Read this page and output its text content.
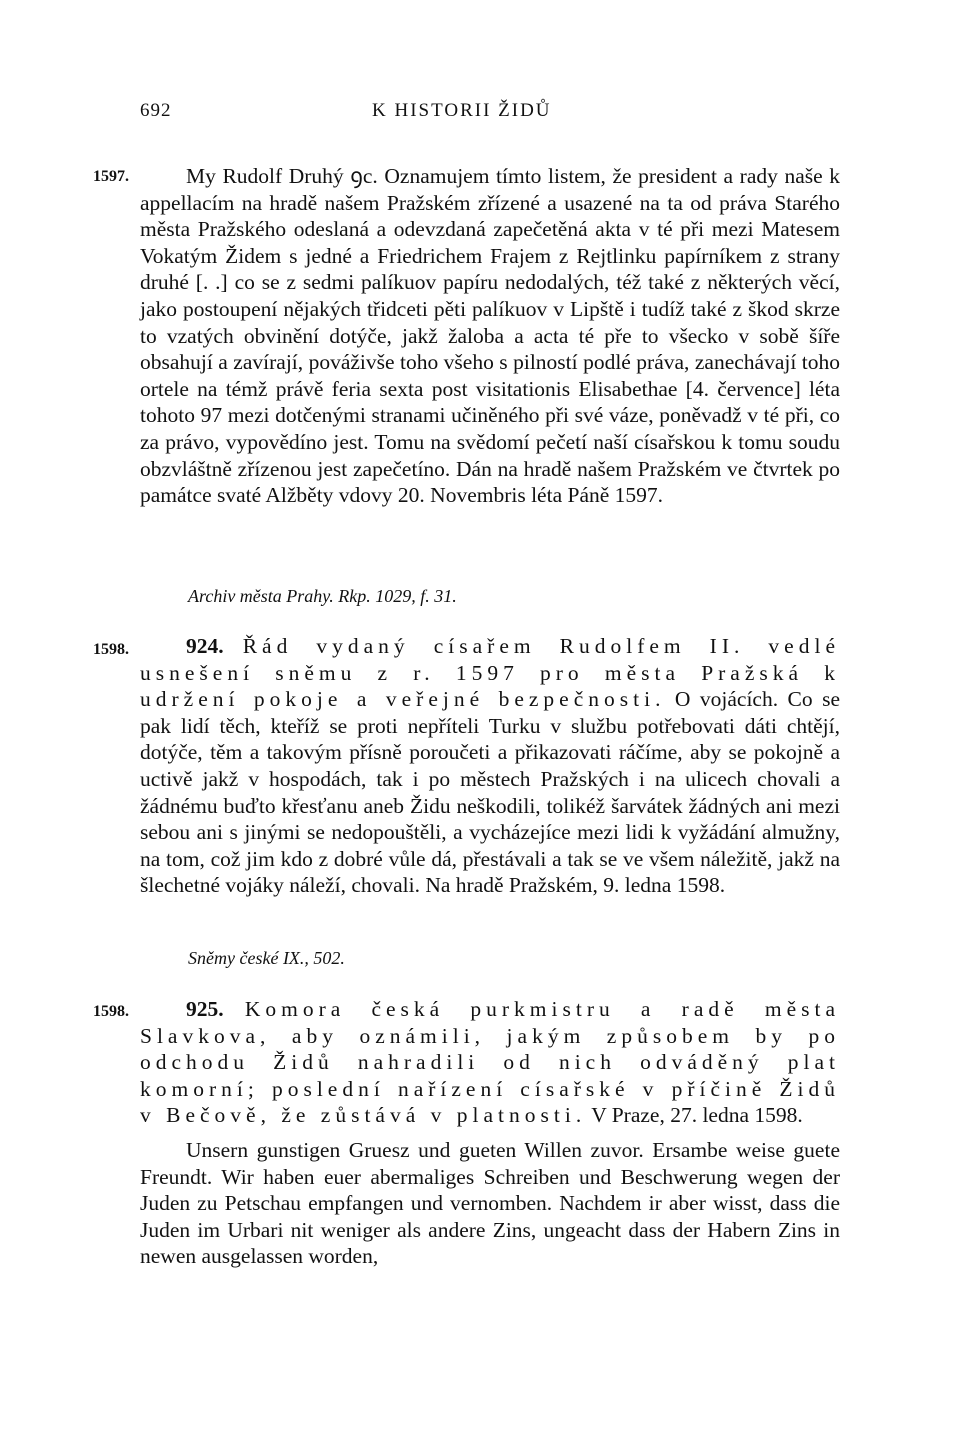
692	K HISTORII ŽIDŮ
1597.	My Rudolf Druhý ꝯc. Oznamujem tímto listem, že president a rady naše k appellacím na hradě našem Pražském zřízené a usazené na ta od práva Starého města Pražského odeslaná a odevzdaná zapečetěná akta v té při mezi Matesem Vokatým Židem s jedné a Friedrichem Frajem z Rejtlinku papírníkem z strany druhé [. .] co se z sedmi palíkuov papíru nedodalých, též také z některých věcí, jako postoupení nějakých třidceti pěti palíkuov v Lipště i tudíž také z škod skrze to vzatých obvinění dotýče, jakž žaloba a acta té pře to všecko v sobě šíře obsahují a zavírají, pováživše toho všeho s pilností podlé práva, zanechávají toho ortele na témž právě feria sexta post visitationis Elisabethae [4. července] léta tohoto 97 mezi dotčenými stranami učiněného při své váze, poněvadž v té při, co za právo, vypovědíno jest. Tomu na svědomí pečetí naší císařskou k tomu soudu obzvláštně zřízenou jest zapečetíno. Dán na hradě našem Pražském ve čtvrtek po památce svaté Alžběty vdovy 20. Novembris léta Páně 1597.

Archiv města Prahy. Rkp. 1029, f. 31.
1598.	924. Řád vydaný císařem Rudolfem II. vedlé usnešení sněmu z r. 1597 pro města Pražská k udržení pokoje a veřejné bezpečnosti. O vojácích. Co se pak lidí těch, kteříž se proti nepříteli Turku v službu potřebovati dáti chtějí, dotýče, těm a takovým přísně poroučeti a přikazovati ráčíme, aby se pokojně a uctivě jakž v hospodách, tak i po městech Pražských i na ulicech chovali a žádnému buďto křesťanu aneb Židu neškodili, tolikéž šarvátek žádných ani mezi sebou ani s jinými se nedopouštěli, a vycházejíce mezi lidi k vyžádání almužny, na tom, což jim kdo z dobré vůle dá, přestávali a tak se ve všem náležitě, jakž na šlechetné vojáky náleží, chovali. Na hradě Pražském, 9. ledna 1598.

Sněmy české IX., 502.
1598.	925. Komora česká purkmistru a radě města Slavkova, aby oznámili, jakým způsobem by po odchodu Židů nahradili od nich odváděný plat komorní; poslední nařízení císařské v příčině Židů v Bečově, že zůstává v platnosti. V Praze, 27. ledna 1598.

Unsern gunstigen Gruesz und gueten Willen zuvor. Ersambe weise guete Freundt. Wir haben euer abermaliges Schreiben und Beschwerung wegen der Juden zu Petschau empfangen und vernomben. Nachdem ir aber wisst, dass die Juden im Urbari nit weniger als andere Zins, ungeacht dass der Habern Zins in newen ausgelassen worden,
